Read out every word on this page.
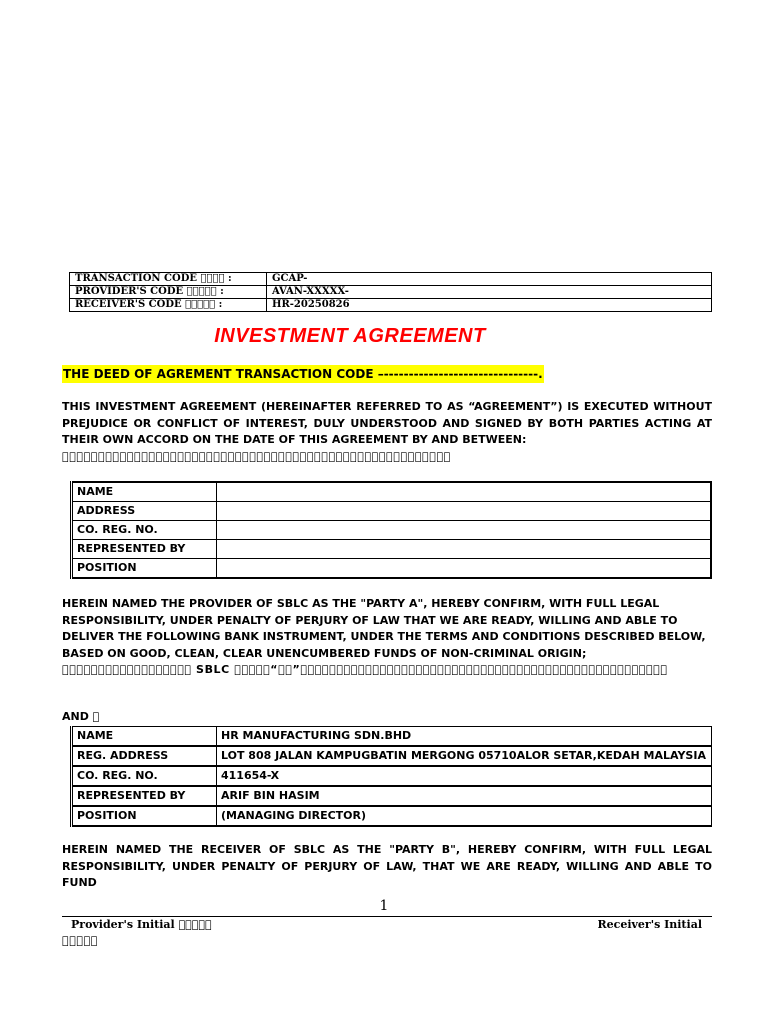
TRANSACTION CODE      :	GCAP-
PROVIDER'S CODE       :	AVAN-XXXXX-
RECEIVER'S CODE       :	HR-20250826
INVESTMENT AGREEMENT     
THE DEED OF AGREMENT TRANSACTION CODE –-------------------------------.
THIS INVESTMENT AGREEMENT (HEREINAFTER REFERRED TO AS “AGREEMENT”) IS EXECUTED WITHOUT PREJUDICE OR CONFLICT OF INTEREST, DULY UNDERSTOOD AND SIGNED BY BOTH PARTIES ACTING AT THEIR OWN ACCORD ON THE DATE OF THIS AGREEMENT BY AND BETWEEN:
                                                      
NAME	
ADDRESS	
CO. REG. NO.	
REPRESENTED BY	
POSITION	
HEREIN NAMED THE PROVIDER OF SBLC AS THE "PARTY A", HEREBY CONFIRM, WITH FULL LEGAL RESPONSIBILITY, UNDER PENALTY OF PERJURY OF LAW THAT WE ARE READY, WILLING AND ABLE TO DELIVER THE FOLLOWING BANK INSTRUMENT, UNDER THE TERMS AND CONDITIONS DESCRIBED BELOW, BASED ON GOOD, CLEAN, CLEAR UNENCUMBERED FUNDS OF NON-CRIMINAL ORIGIN;
                   SBLC      “  ”                                                   
AND  
NAME	HR MANUFACTURING SDN.BHD
REG. ADDRESS	LOT 808 JALAN KAMPUGBATIN MERGONG 05710ALOR SETAR,KEDAH MALAYSIA
CO. REG. NO.	411654-X
REPRESENTED BY	ARIF BIN HASIM
POSITION	(MANAGING DIRECTOR)
HEREIN NAMED THE RECEIVER OF SBLC AS THE "PARTY B", HEREBY CONFIRM, WITH FULL LEGAL RESPONSIBILITY, UNDER PENALTY OF PERJURY OF LAW, THAT WE ARE READY, WILLING AND ABLE TO FUND
1
Provider's Initial      
     
Receiver's Initial
